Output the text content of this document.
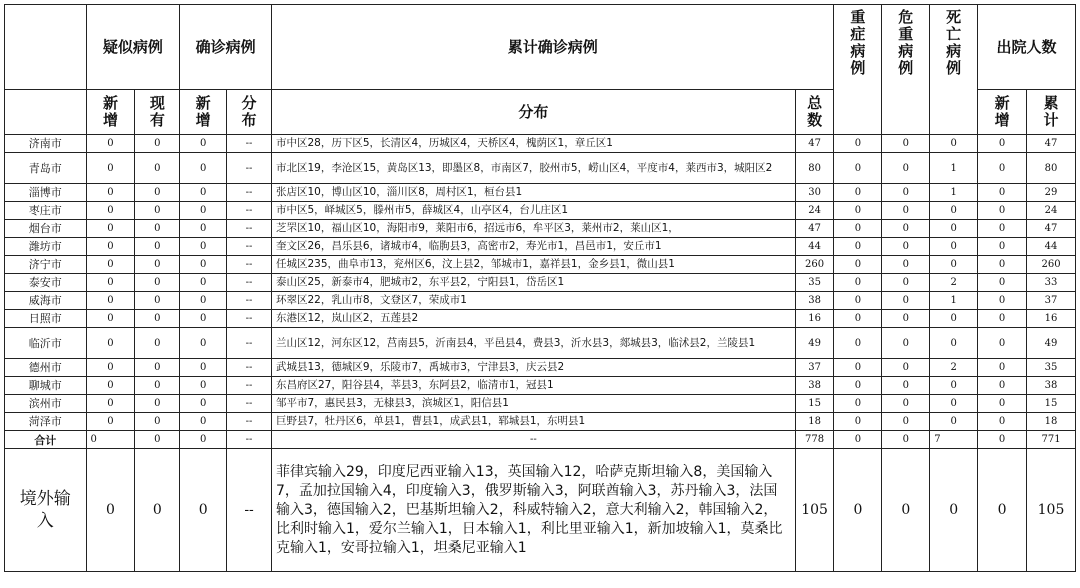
	疑似病例		确诊病例		累计确诊病例		重症病例	危重病例	死亡病例	出院人数	

	新增	现有	新增	分布	分布	总数				新增	累计

济南市	0	0	0	--	市中区28，历下区5，长清区4，历城区4，天桥区4，槐荫区1，章丘区1	47	0	0	0	0	47
青岛市	0	0	0	--	市北区19，李沧区15，黄岛区13，即墨区8，市南区7，胶州市5，崂山区4，平度市4，莱西市3，城阳区2	80	0	0	1	0	80
淄博市	0	0	0	--	张店区10，博山区10，淄川区8，周村区1，桓台县1	30	0	0	1	0	29
枣庄市	0	0	0	--	市中区5，峄城区5，滕州市5，薛城区4，山亭区4，台儿庄区1	24	0	0	0	0	24
烟台市	0	0	0	--	芝罘区10，福山区10，海阳市9，莱阳市6，招远市6，牟平区3，莱州市2，莱山区1，	47	0	0	0	0	47
潍坊市	0	0	0	--	奎文区26，昌乐县6，诸城市4，临朐县3，高密市2，寿光市1，昌邑市1，安丘市1	44	0	0	0	0	44
济宁市	0	0	0	--	任城区235，曲阜市13，兖州区6，汶上县2，邹城市1，嘉祥县1，金乡县1，微山县1	260	0	0	0	0	260
泰安市	0	0	0	--	泰山区25，新泰市4，肥城市2，东平县2，宁阳县1，岱岳区1	35	0	0	2	0	33
威海市	0	0	0	--	环翠区22，乳山市8，文登区7，荣成市1	38	0	0	1	0	37
日照市	0	0	0	--	东港区12，岚山区2，五莲县2	16	0	0	0	0	16
临沂市	0	0	0	--	兰山区12，河东区12，莒南县5，沂南县4，平邑县4，费县3，沂水县3，郯城县3，临沭县2，兰陵县1	49	0	0	0	0	49
德州市	0	0	0	--	武城县13，德城区9，乐陵市7，禹城市3，宁津县3，庆云县2	37	0	0	2	0	35
聊城市	0	0	0	--	东昌府区27，阳谷县4，莘县3，东阿县2，临清市1，冠县1	38	0	0	0	0	38
滨州市	0	0	0	--	邹平市7，惠民县3，无棣县3，滨城区1，阳信县1	15	0	0	0	0	15
菏泽市	0	0	0	--	巨野县7，牡丹区6，单县1，曹县1，成武县1，郓城县1，东明县1	18	0	0	0	0	18
合计	0	0	0	--	--	778	0	0	7	0	771

境外输入	0	0	0	--	菲律宾输入29，印度尼西亚输入13，英国输入12，哈萨克斯坦输入8，美国输入7，孟加拉国输入4，印度输入3，俄罗斯输入3，阿联酋输入3，苏丹输入3，法国输入3，德国输入2，巴基斯坦输入2，科威特输入2，意大利输入2，韩国输入2，比利时输入1，爱尔兰输入1，日本输入1，利比里亚输入1，新加坡输入1，莫桑比克输入1，安哥拉输入1，坦桑尼亚输入1	105	0	0	0	0	105
